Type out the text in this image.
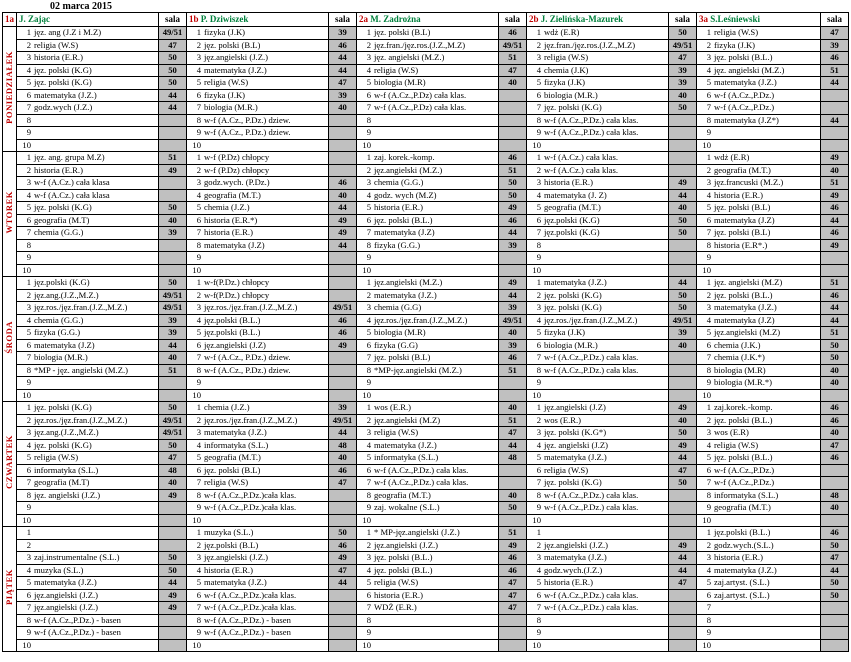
02 marca 2015
1a	J. Zając	sala	1b P. Dziwiszek	sala	2a M. Zadrożna	sala	2b J. Zielińska-Mazurek	sala	3a S.Leśniewski	sala
PONIEDZIAŁEK	1 jęz. ang (J.Z i M.Z)	49/51	1 fizyka (J.K)	39	1 jęz. polski (B.L)	46	1 wdż (E.R)	50	1 religia (W.S)	47
	2 religia (W.S)	47	2 jęz. polski (B.L)	46	2 jęz.fran./jęz.ros.(J.Z.,M.Z)	49/51	2 jęz.fran./jęz.ros.(J.Z.,M.Z)	49/51	2 fizyka (J.K)	39
	3 historia (E.R.)	50	3 jęz.angielski (J.Z.)	44	3 jęz. angielski (M.Z.)	51	3 religia (W.S)	47	3 jęz. polski (B.L.)	46
	4 jęz. polski (K.G)	50	4 matematyka (J.Z.)	44	4 religia (W.S)	47	4 chemia (J.K)	39	4 jęz. angielski (M.Z.)	51
	5 jęz. polski (K.G)	50	5 religia (W.S)	47	5 biologia (M.R)	40	5 fizyka (J.K)	39	5 matematyka (J.Z.)	44
	6 matematyka (J.Z.)	44	6 fizyka (J.K)	39	6 w-f (A.Cz.,P.Dz) cała klas.		6 biologia (M.R.)	40	6 w-f (A.Cz.,P.Dz.)	
	7 godz.wych (J.Z.)	44	7 biologia (M.R.)	40	7 w-f (A.Cz.,P.Dz) cała klas.		7 jęz. polski (K.G)	50	7 w-f (A.Cz.,P.Dz.)	
	8		8 w-f (A.Cz., P.Dz.) dziew.		8		8 w-f (A.Cz.,P.Dz.) cała klas.		8 matematyka (J.Z*)	44
	9		9 w-f (A.Cz., P.Dz.) dziew.		9		9 w-f (A.Cz.,P.Dz.) cała klas.		9	
	10		10		10		10		10	
WTOREK	1 jęz. ang. grupa M.Z)	51	1 w-f (P.Dz) chłopcy		1 zaj. korek.-komp.	46	1 w-f (A.Cz.) cała klas.		1 wdż (E.R)	49
	2 historia (E.R.)	49	2 w-f (P.Dz) chłopcy		2 jęz.angielski (M.Z.)	51	2 w-f (A.Cz.) cała klas.		2 geografia (M.T.)	40
	3 w-f (A.Cz.) cała klasa		3 godz.wych. (P.Dz.)	46	3 chemia (G.G.)	50	3 historia (E.R.)	49	3 jęz.francuski (M.Z.)	51
	4 w-f (A.Cz.) cała klasa		4 geografia (M.T.)	40	4 godz. wych (M.Z)	50	4 matematyka (J. Z)	44	4 historia (E.R.)	49
	5 jęz. polski (K.G)	50	5 chemia (J.Z.)	44	5 historia (E.R.)	49	5 geografia (M.T.)	40	5 jęz. polski (B.L)	46
	6 geografia (M.T)	40	6 historia (E.R.*)	49	6 jęz. polski (B.L.)	46	6 jęz.polski (K.G)	50	6 matematyka (J.Z)	44
	7 chemia (G.G.)	39	7 historia (E.R.)	49	7 matematyka (J.Z)	44	7 jęz.polski (K.G)	50	7 jęz. polski (B.L)	46
	8		8 matematyka (J.Z)	44	8 fizyka (G.G.)	39	8		8 historia (E.R*.)	49
	9		9		9		9		9	
	10		10		10		10		10	
ŚRODA	1 jęz.polski (K.G)	50	1 w-f(P.Dz.) chłopcy		1 jęz.angielski (M.Z.)	49	1 matematyka (J.Z.)	44	1 jęz. angielski (M.Z)	51
	2 jęz.ang.(J.Z.,M.Z.)	49/51	2 w-f(P.Dz.) chłopcy		2 matematyka (J.Z.)	44	2 jęz. polski (K.G)	50	2 jęz. polski (B.L.)	46
	3 jęz.ros./jęz.fran.(J.Z.,M.Z.)	49/51	3 jęz.ros./jęz.fran.(J.Z.,M.Z.)	49/51	3 chemia (G.G)	39	3 jęz. polski (K.G)	50	3 matematyka (J.Z.)	44
	4 chemia (G.G.)	39	4 jęz.polski (B.L.)	46	4 jęz.ros./jęz.fran.(J.Z.,M.Z.)	49/51	4 jęz.ros./jęz.fran.(J.Z.,M.Z.)	49/51	4 matematyka (J.Z)	44
	5 fizyka (G.G.)	39	5 jęz.polski (B.L.)	46	5 biologia (M.R)	40	5 fizyka (J.K)	39	5 jęz.angielski (M.Z)	51
	6 matematyka (J.Z)	44	6 jęz.angielski (J.Z)	49	6 fizyka (G.G)	39	6 biologia (M.R.)	40	6 chemia (J.K.)	50
	7 biologia (M.R.)	40	7 w-f (A.Cz., P.Dz.) dziew.		7 jęz. polski (B.L)	46	7 w-f (A.Cz.,P.Dz.) cała klas.		7 chemia (J.K.*)	50
	8 *MP - jęz. angielski (M.Z.)	51	8 w-f (A.Cz., P.Dz.) dziew.		8 *MP-jęz.angielski (M.Z.)	51	8 w-f (A.Cz.,P.Dz.) cała klas.		8 biologia (M.R)	40
	9		9		9		9		9 biologia (M.R.*)	40
	10		10		10		10		10	
CZWARTEK	1 jęz. polski (K.G)	50	1 chemia (J.Z.)	39	1 wos (E.R.)	40	1 jęz.angielski (J.Z)	49	1 zaj.korek.-komp.	46
	2 jęz.ros./jęz.fran.(J.Z.,M.Z.)	49/51	2 jęz.ros./jęz.fran.(J.Z.,M.Z.)	49/51	2 jęz.angielski (M.Z)	51	2 wos (E.R.)	40	2 jęz. polski (B.L.)	46
	3 jęz.ang.(J.Z.,M.Z.)	49/51	3 matematyka (J.Z.)	44	3 religia (W.S)	47	3 jęz. polski (K.G*)	50	3 wos (E.R)	40
	4 jęz. polski (K.G)	50	4 informatyka (S.L.)	48	4 matematyka (J.Z.)	44	4 jęz. angielski (J.Z)	49	4 religia (W.S)	47
	5 religia (W.S)	47	5 geografia (M.T.)	40	5 informatyka (S.L.)	48	5 matematyka (J.Z.)	44	5 jęz. polski (B.L.)	46
	6 informatyka (S.L.)	48	6 jęz. polski (B.L)	46	6 w-f (A.Cz.,P.Dz.) cała klas.		6 religia (W.S)	47	6 w-f (A.Cz.,P.Dz.)	
	7 geografia (M.T)	40	7 religia (W.S)	47	7 w-f (A.Cz.,P.Dz.) cała klas.		7 jęz. polski (K.G)	50	7 w-f (A.Cz.,P.Dz.)	
	8 jęz. angielski (J.Z.)	49	8 w-f (A.Cz.,P.Dz.)cała klas.		8 geografia (M.T.)	40	8 w-f (A.Cz.,P.Dz.) cała klas.		8 informatyka (S.L.)	48
	9		9 w-f (A.Cz.,P.Dz.)cała klas.		9 zaj. wokalne (S.L.)	50	9 w-f (A.Cz.,P.Dz.) cała klas.		9 geografia (M.T.)	40
	10		10		10		10		10	
PIĄTEK	1		1 muzyka (S.L.)	50	1 * MP-jęz.angielski (J.Z.)	51	1		1 jęz.polski (B.L.)	46
	2		2 jęz.polski (B.L)	46	2 jęz.angielski (J.Z.)	49	2 jęz.angielski (J.Z.)	49	2 godz.wych.(S.L.)	50
	3 zaj.instrumentalne (S.L.)	50	3 jęz.angielski (J.Z.)	49	3 jęz. polski (B.L.)	46	3 matematyka (J.Z.)	44	3 historia (E.R.)	47
	4 muzyka (S.L.)	50	4 historia (E.R.)	47	4 jęz. polski (B.L.)	46	4 godz.wych.(J.Z.)	44	4 matematyka (J.Z.)	44
	5 matematyka (J.Z.)	44	5 matematyka (J.Z.)	44	5 religia (W.S)	47	5 historia (E.R.)	47	5 zaj.artyst. (S.L.)	50
	6 jęz.angielski (J.Z.)	49	6 w-f (A.Cz.,P.Dz.)cała klas.		6 historia (E.R.)	47	6 w-f (A.Cz.,P.Dz.) cała klas.		6 zaj.artyst. (S.L.)	50
	7 jęz.angielski (J.Z.)	49	7 w-f (A.Cz.,P.Dz.)cała klas.		7 WDŻ (E.R.)	47	7 w-f (A.Cz.,P.Dz.) cała klas.		7	
	8 w-f (A.Cz.,P.Dz.) - basen		8 w-f (A.Cz.,P.Dz.) - basen		8		8		8	
	9 w-f (A.Cz.,P.Dz.) - basen		9 w-f (A.Cz.,P.Dz.) - basen		9		9		9	
	10		10		10		10		10	
